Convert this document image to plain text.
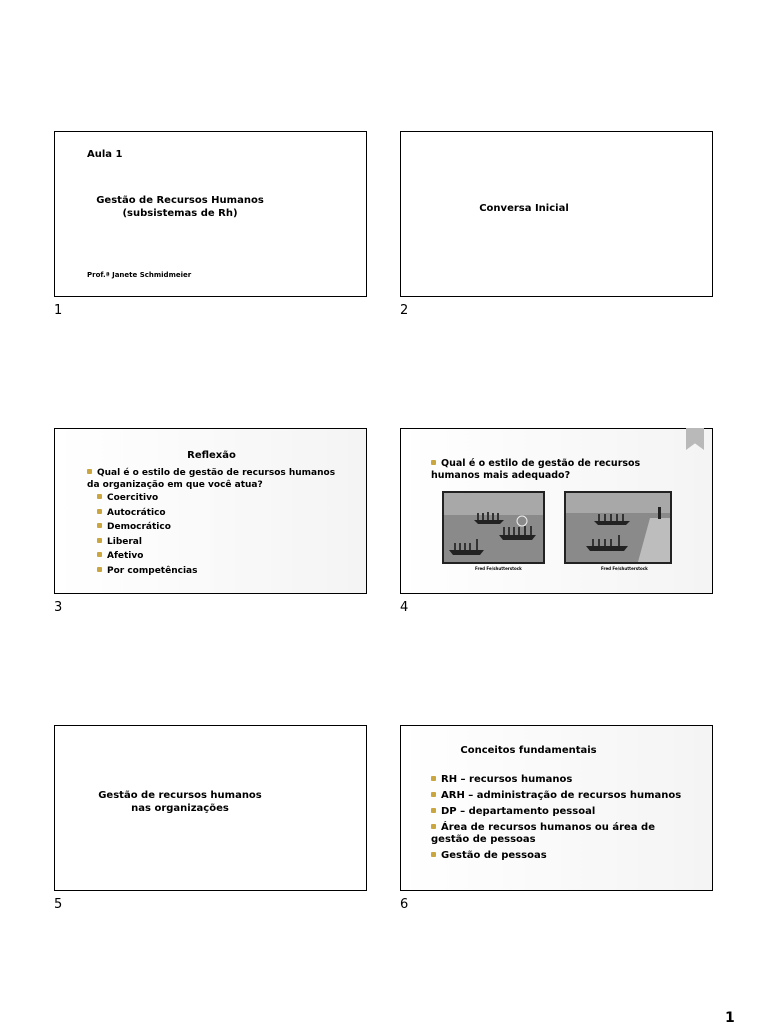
Aula 1
Gestão de Recursos Humanos
(subsistemas de Rh)
Prof.ª Janete Schmidmeier
1
Conversa Inicial
2
Reflexão
Qual é o estilo de gestão de recursos humanos da organização em que você atua?
Coercitivo
Autocrático
Democrático
Liberal
Afetivo
Por competências
3
Qual é o estilo de gestão de recursos humanos mais adequado?
Fred Fe/shutterstock	Fred Fe/shutterstock
4
Gestão de recursos humanos nas organizações
5
Conceitos fundamentais
RH – recursos humanos
ARH – administração de recursos humanos
DP – departamento pessoal
Área de recursos humanos ou área de gestão de pessoas
Gestão de pessoas
6
1
